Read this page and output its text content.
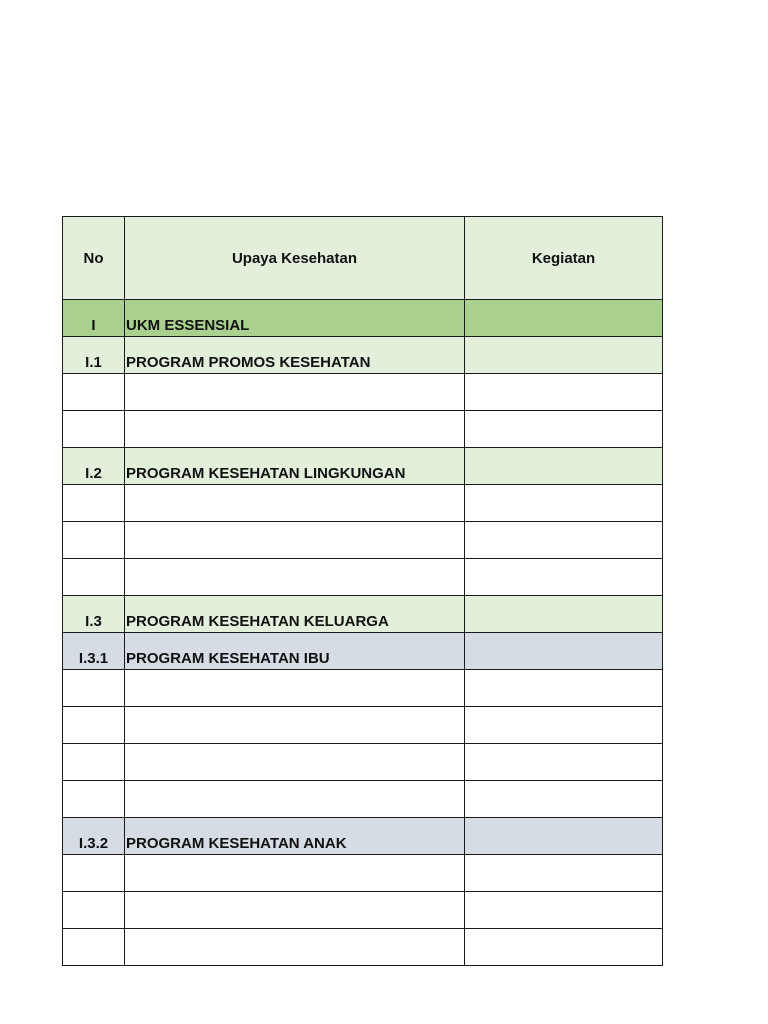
No	Upaya Kesehatan	Kegiatan
I	UKM ESSENSIAL	
I.1	PROGRAM PROMOS KESEHATAN	

I.2	PROGRAM KESEHATAN LINGKUNGAN	

I.3	PROGRAM KESEHATAN KELUARGA	
I.3.1	PROGRAM KESEHATAN IBU	

I.3.2	PROGRAM KESEHATAN ANAK	
